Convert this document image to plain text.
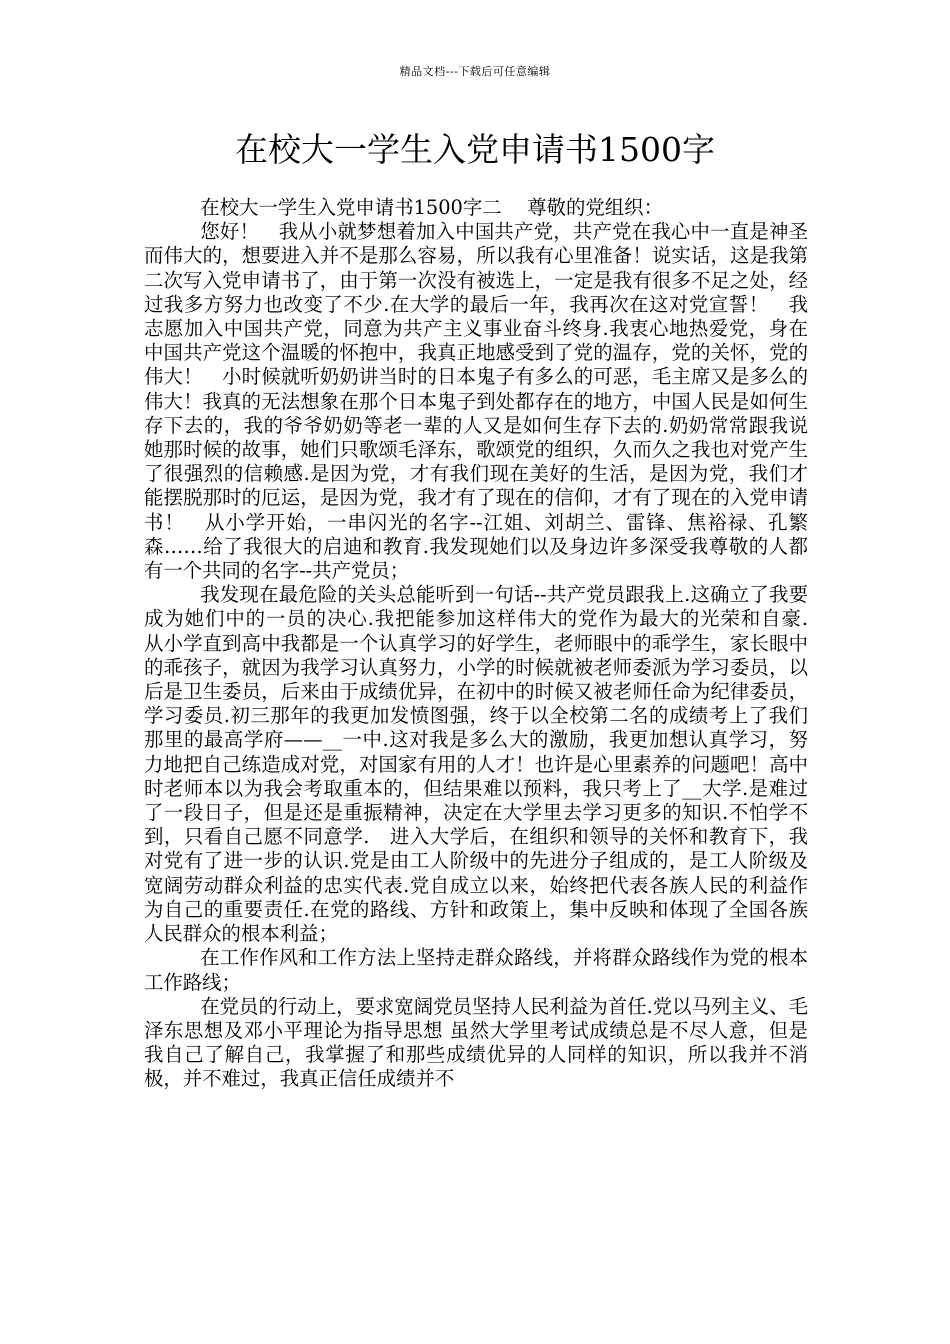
精品文档---下载后可任意编辑
在校大一学生入党申请书1500字

在校大一学生入党申请书1500字二　 尊敬的党组织：

您好！　我从小就梦想着加入中国共产党，共产党在我心中一直是神圣而伟大的，想要进入并不是那么容易，所以我有心里准备！说实话，这是我第二次写入党申请书了，由于第一次没有被选上，一定是我有很多不足之处，经过我多方努力也改变了不少.在大学的最后一年，我再次在这对党宣誓！　我志愿加入中国共产党，同意为共产主义事业奋斗终身.我衷心地热爱党，身在中国共产党这个温暖的怀抱中，我真正地感受到了党的温存，党的关怀，党的伟大！　小时候就听奶奶讲当时的日本鬼子有多么的可恶，毛主席又是多么的伟大！我真的无法想象在那个日本鬼子到处都存在的地方，中国人民是如何生存下去的，我的爷爷奶奶等老一辈的人又是如何生存下去的.奶奶常常跟我说她那时候的故事，她们只歌颂毛泽东，歌颂党的组织，久而久之我也对党产生了很强烈的信赖感.是因为党，才有我们现在美好的生活，是因为党，我们才能摆脱那时的厄运，是因为党，我才有了现在的信仰，才有了现在的入党申请书！　从小学开始，一串闪光的名字--江姐、刘胡兰、雷锋、焦裕禄、孔繁森……给了我很大的启迪和教育.我发现她们以及身边许多深受我尊敬的人都有一个共同的名字--共产党员；

我发现在最危险的关头总能听到一句话--共产党员跟我上.这确立了我要成为她们中的一员的决心.我把能参加这样伟大的党作为最大的光荣和自豪.　从小学直到高中我都是一个认真学习的好学生，老师眼中的乖学生，家长眼中的乖孩子，就因为我学习认真努力，小学的时候就被老师委派为学习委员，以后是卫生委员，后来由于成绩优异，在初中的时候又被老师任命为纪律委员，学习委员.初三那年的我更加发愤图强，终于以全校第二名的成绩考上了我们那里的最高学府——__一中.这对我是多么大的激励，我更加想认真学习，努力地把自己练造成对党，对国家有用的人才！也许是心里素养的问题吧！高中时老师本以为我会考取重本的，但结果难以预料，我只考上了__大学.是难过了一段日子，但是还是重振精神，决定在大学里去学习更多的知识.不怕学不到，只看自己愿不同意学.　进入大学后，在组织和领导的关怀和教育下，我对党有了进一步的认识.党是由工人阶级中的先进分子组成的，是工人阶级及宽阔劳动群众利益的忠实代表.党自成立以来，始终把代表各族人民的利益作为自己的重要责任.在党的路线、方针和政策上，集中反映和体现了全国各族人民群众的根本利益；

在工作作风和工作方法上坚持走群众路线，并将群众路线作为党的根本工作路线；

在党员的行动上，要求宽阔党员坚持人民利益为首任.党以马列主义、毛泽东思想及邓小平理论为指导思想 虽然大学里考试成绩总是不尽人意，但是我自己了解自己，我掌握了和那些成绩优异的人同样的知识，所以我并不消极，并不难过，我真正信任成绩并不
